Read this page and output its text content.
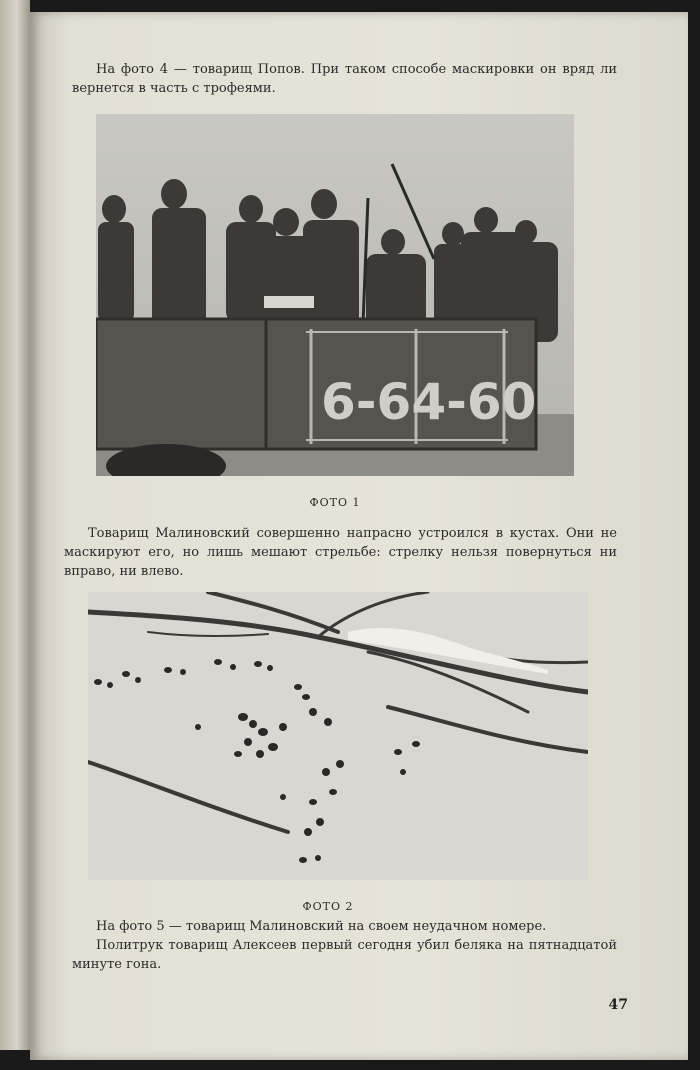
На фото 4 — товарищ Попов. При таком способе маскировки он вряд ли вернется в часть с трофеями.
6-64-60
ФОТО 1
Товарищ Малиновский совершенно напрасно устроился в кустах. Они не маскируют его, но лишь мешают стрельбе: стрелку нельзя повернуться ни вправо, ни влево.
ФОТО 2
На фото 5 — товарищ Малиновский на своем неудачном номере.
Политрук товарищ Алексеев первый сегодня убил беляка на пятнадцатой минуте гона.
47
